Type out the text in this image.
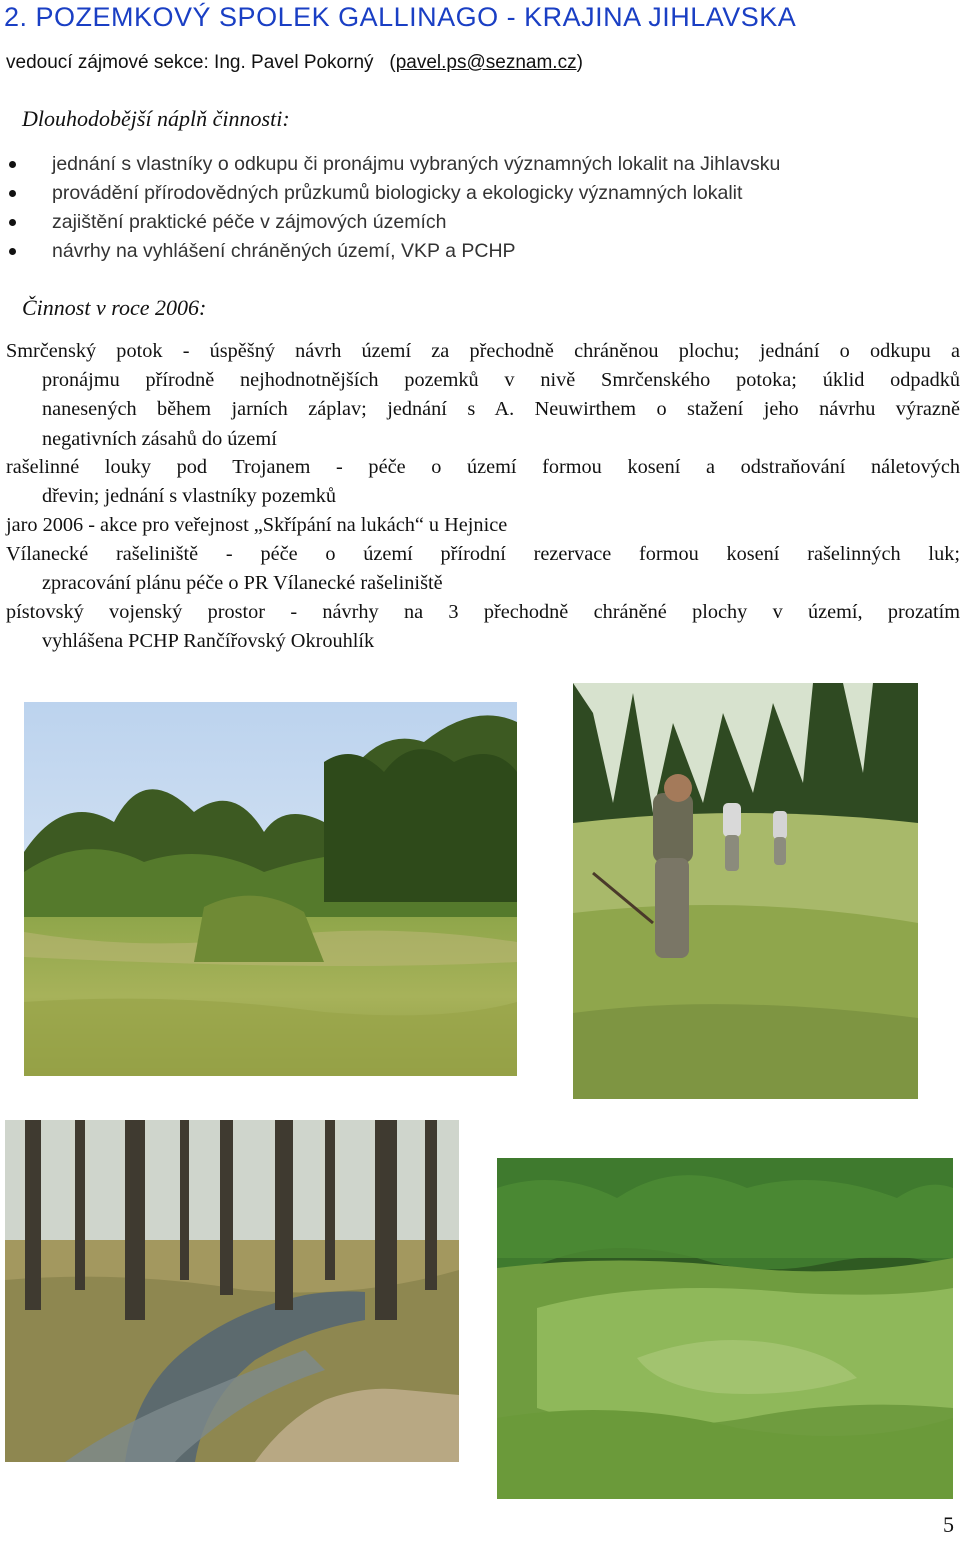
2. POZEMKOVÝ SPOLEK GALLINAGO - KRAJINA JIHLAVSKA
vedoucí zájmové sekce: Ing. Pavel Pokorný   (pavel.ps@seznam.cz)
Dlouhodobější náplň činnosti:
jednání s vlastníky o odkupu či pronájmu vybraných významných lokalit na Jihlavsku
provádění přírodovědných průzkumů biologicky a ekologicky významných lokalit
zajištění praktické péče v zájmových územích
návrhy na vyhlášení chráněných území, VKP a PCHP
Činnost v roce 2006:
Smrčenský potok - úspěšný návrh území za přechodně chráněnou plochu; jednání o odkupu a
pronájmu přírodně nejhodnotnějších pozemků v nivě Smrčenského potoka; úklid odpadků
nanesených během jarních záplav; jednání s A. Neuwirthem o stažení jeho návrhu výrazně
negativních zásahů do území
rašelinné louky pod Trojanem - péče o území formou kosení a odstraňování náletových
dřevin; jednání s vlastníky pozemků
jaro 2006 - akce pro veřejnost „Skřípání na lukách“ u Hejnice
Vílanecké rašeliniště - péče o území přírodní rezervace formou kosení rašelinných luk;
zpracování plánu péče o PR Vílanecké rašeliniště
pístovský vojenský prostor - návrhy na 3 přechodně chráněné plochy v území, prozatím
vyhlášena PCHP Rančířovský Okrouhlík
5
